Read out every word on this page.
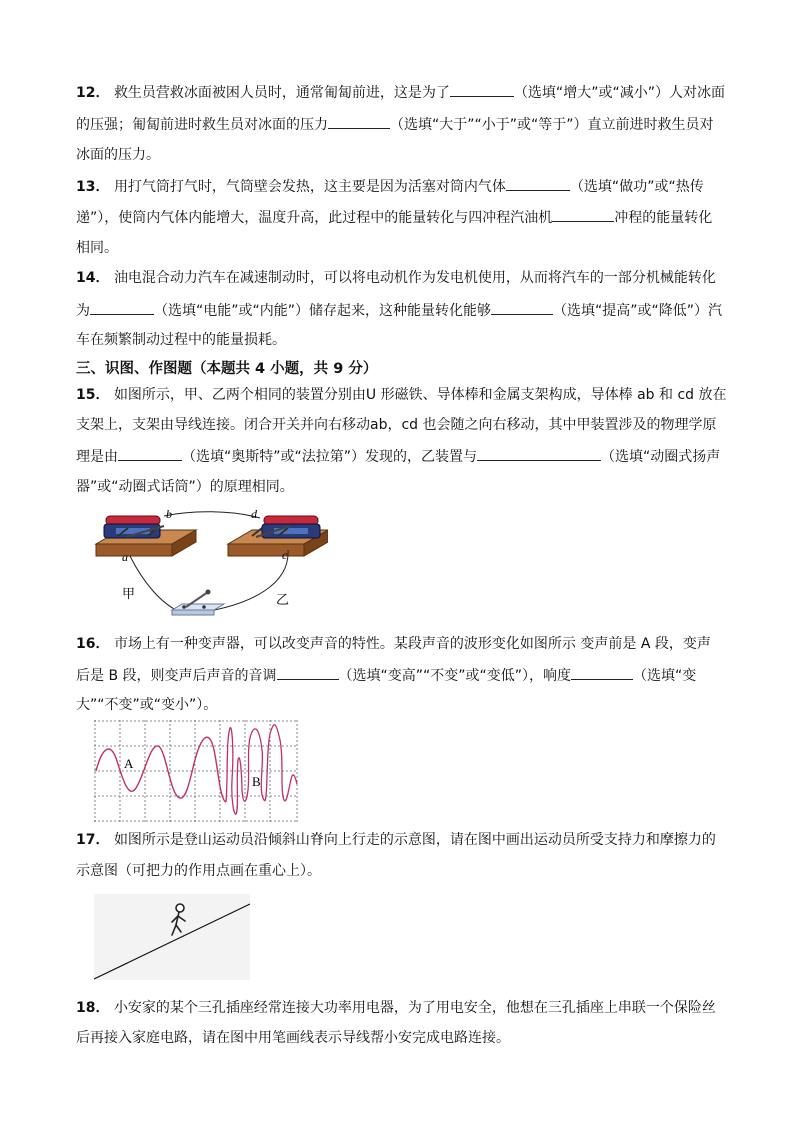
12． 救生员营救冰面被困人员时，通常匍匐前进，这是为了	（选填“增大”或“减小”）人对冰面
的压强；匍匐前进时救生员对冰面的压力	（选填“大于”“小于”或“等于”）直立前进时救生员对
冰面的压力。
13． 用打气筒打气时，气筒壁会发热，这主要是因为活塞对筒内气体	（选填“做功”或“热传
递”），使筒内气体内能增大，温度升高，此过程中的能量转化与四冲程汽油机	冲程的能量转化
相同。
14． 油电混合动力汽车在减速制动时，可以将电动机作为发电机使用，从而将汽车的一部分机械能转化
为	（选填“电能”或“内能”）储存起来，这种能量转化能够	（选填“提高”或“降低”）汽
车在频繁制动过程中的能量损耗。
三、识图、作图题（本题共 4 小题，共 9 分）
15． 如图所示，甲、乙两个相同的装置分别由U 形磁铁、导体棒和金属支架构成，导体棒 ab 和 cd 放在
支架上，支架由导线连接。闭合开关并向右移动ab，cd 也会随之向右移动，其中甲装置涉及的物理学原
理是由	（选填“奥斯特”或“法拉第”）发现的，乙装置与	（选填“动圈式扬声
器”或“动圈式话筒”）的原理相同。
b
a
d
c
甲	乙
16． 市场上有一种变声器，可以改变声音的特性。某段声音的波形变化如图所示 变声前是 A 段，变声
后是 B 段，则变声后声音的音调	（选填“变高”“不变”或“变低”），响度	（选填“变
大”“不变”或“变小”）。
A
B
17． 如图所示是登山运动员沿倾斜山脊向上行走的示意图，请在图中画出运动员所受支持力和摩擦力的
示意图（可把力的作用点画在重心上）。
18． 小安家的某个三孔插座经常连接大功率用电器，为了用电安全，他想在三孔插座上串联一个保险丝
后再接入家庭电路，请在图中用笔画线表示导线帮小安完成电路连接。
